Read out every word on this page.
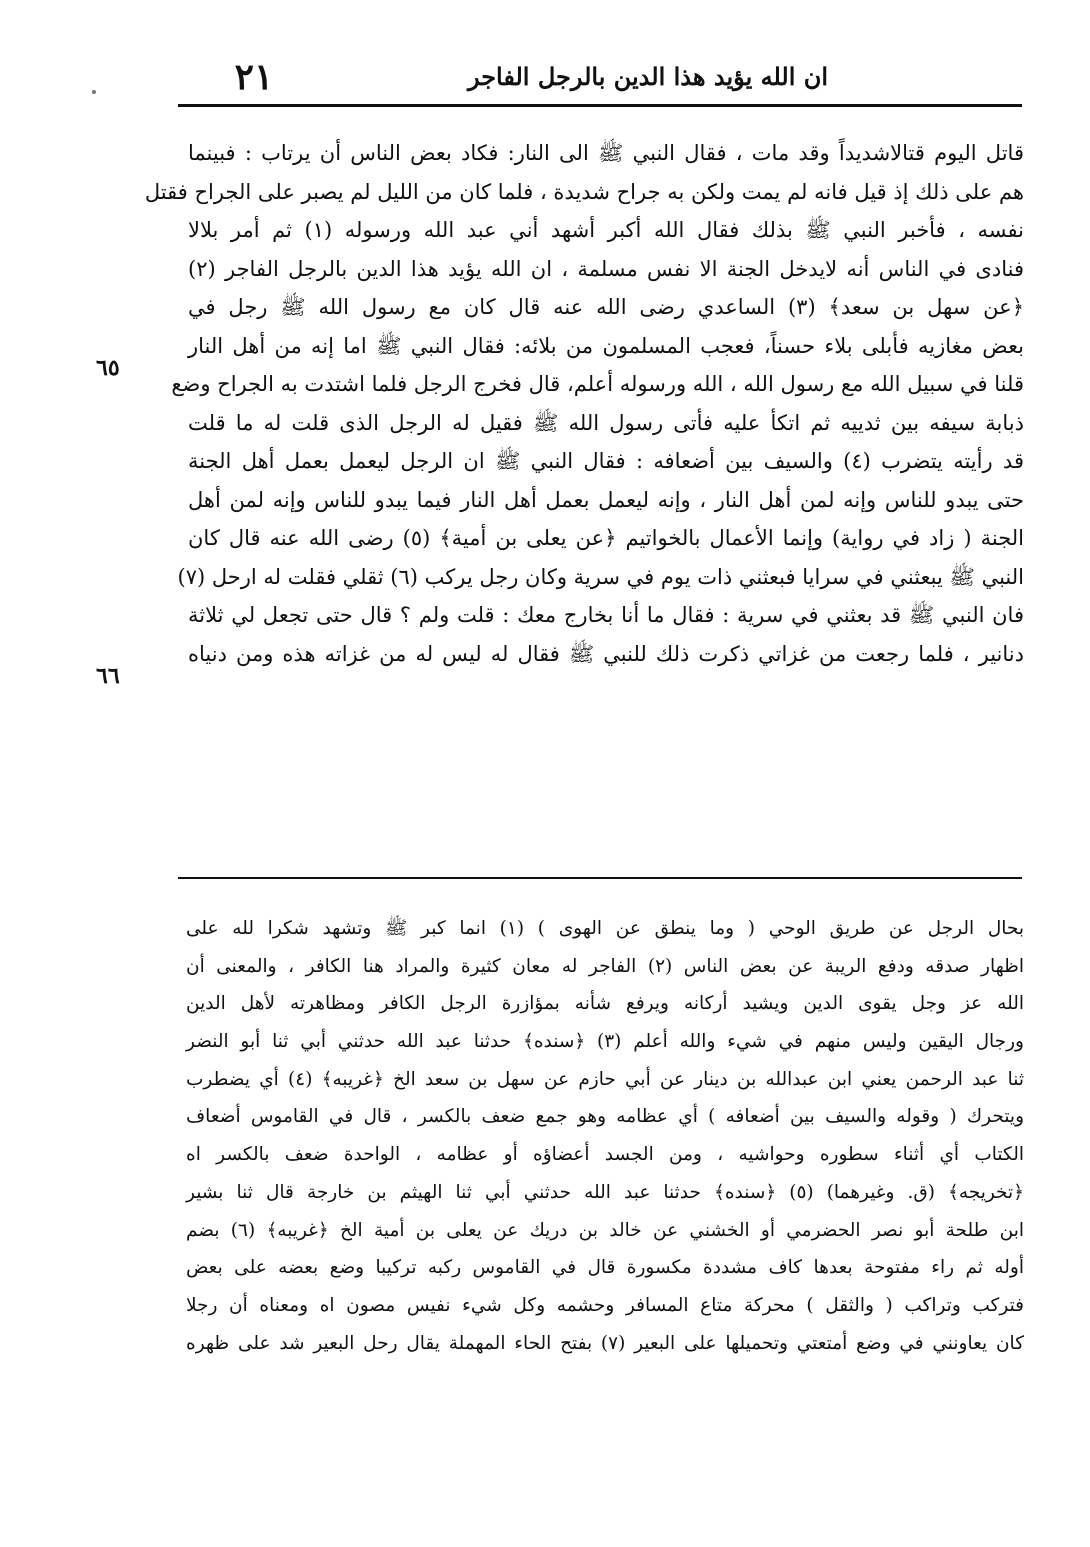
ان الله يؤيد هذا الدين بالرجل الفاجر
٢١
قاتل اليوم قتالاشديداً وقد مات ، فقال النبي ﷺ الى النار: فكاد بعض الناس أن يرتاب : فبينما
هم على ذلك إذ قيل فانه لم يمت ولكن به جراح شديدة ، فلما كان من الليل لم يصبر على الجراح فقتل
نفسه ، فأخبر النبي ﷺ بذلك فقال الله أكبر أشهد أني عبد الله ورسوله (١) ثم أمر بلالا
فنادى في الناس أنه لايدخل الجنة الا نفس مسلمة ، ان الله يؤيد هذا الدين بالرجل الفاجر (٢)
﴿عن سهل بن سعد﴾ (٣) الساعدي رضى الله عنه قال كان مع رسول الله ﷺ رجل في
بعض مغازيه فأبلى بلاء حسناً، فعجب المسلمون من بلائه: فقال النبي ﷺ اما إنه من أهل النار
قلنا في سبيل الله مع رسول الله ، الله ورسوله أعلم، قال فخرج الرجل فلما اشتدت به الجراح وضع
ذبابة سيفه بين ثدييه ثم اتكأ عليه فأتى رسول الله ﷺ فقيل له الرجل الذى قلت له ما قلت
قد رأيته يتضرب (٤) والسيف بين أضعافه : فقال النبي ﷺ ان الرجل ليعمل بعمل أهل الجنة
حتى يبدو للناس وإنه لمن أهل النار ، وإنه ليعمل بعمل أهل النار فيما يبدو للناس وإنه لمن أهل
الجنة ( زاد في رواية) وإنما الأعمال بالخواتيم ﴿عن يعلى بن أمية﴾ (٥) رضى الله عنه قال كان
النبي ﷺ يبعثني في سرايا فبعثني ذات يوم في سرية وكان رجل يركب (٦) ثقلي فقلت له ارحل (٧)
فان النبي ﷺ قد بعثني في سرية : فقال ما أنا بخارج معك : قلت ولم ؟ قال حتى تجعل لي ثلاثة
دنانير ، فلما رجعت من غزاتي ذكرت ذلك للنبي ﷺ فقال له ليس له من غزاته هذه ومن دنياه
٦٥
٦٦
بحال الرجل عن طريق الوحي ( وما ينطق عن الهوى ) (١) انما كبر ﷺ وتشهد شكرا لله على
اظهار صدقه ودفع الريبة عن بعض الناس (٢) الفاجر له معان كثيرة والمراد هنا الكافر ، والمعنى أن
الله عز وجل يقوى الدين ويشيد أركانه ويرفع شأنه بمؤازرة الرجل الكافر ومظاهرته لأهل الدين
ورجال اليقين وليس منهم في شيء والله أعلم (٣) ﴿سنده﴾ حدثنا عبد الله حدثني أبي ثنا أبو النضر
ثنا عبد الرحمن يعني ابن عبدالله بن دينار عن أبي حازم عن سهل بن سعد الخ ﴿غريبه﴾ (٤) أي يضطرب
ويتحرك ( وقوله والسيف بين أضعافه ) أي عظامه وهو جمع ضعف بالكسر ، قال في القاموس أضعاف
الكتاب أي أثناء سطوره وحواشيه ، ومن الجسد أعضاؤه أو عظامه ، الواحدة ضعف بالكسر اه
﴿تخريجه﴾ (ق. وغيرهما) (٥) ﴿سنده﴾ حدثنا عبد الله حدثني أبي ثنا الهيثم بن خارجة قال ثنا بشير
ابن طلحة أبو نصر الحضرمي أو الخشني عن خالد بن دريك عن يعلى بن أمية الخ ﴿غريبه﴾ (٦) بضم
أوله ثم راء مفتوحة بعدها كاف مشددة مكسورة قال في القاموس ركبه تركيبا وضع بعضه على بعض
فتركب وتراكب ( والثقل ) محركة متاع المسافر وحشمه وكل شيء نفيس مصون اه ومعناه أن رجلا
كان يعاونني في وضع أمتعتي وتحميلها على البعير (٧) بفتح الحاء المهملة يقال رحل البعير شد على ظهره
